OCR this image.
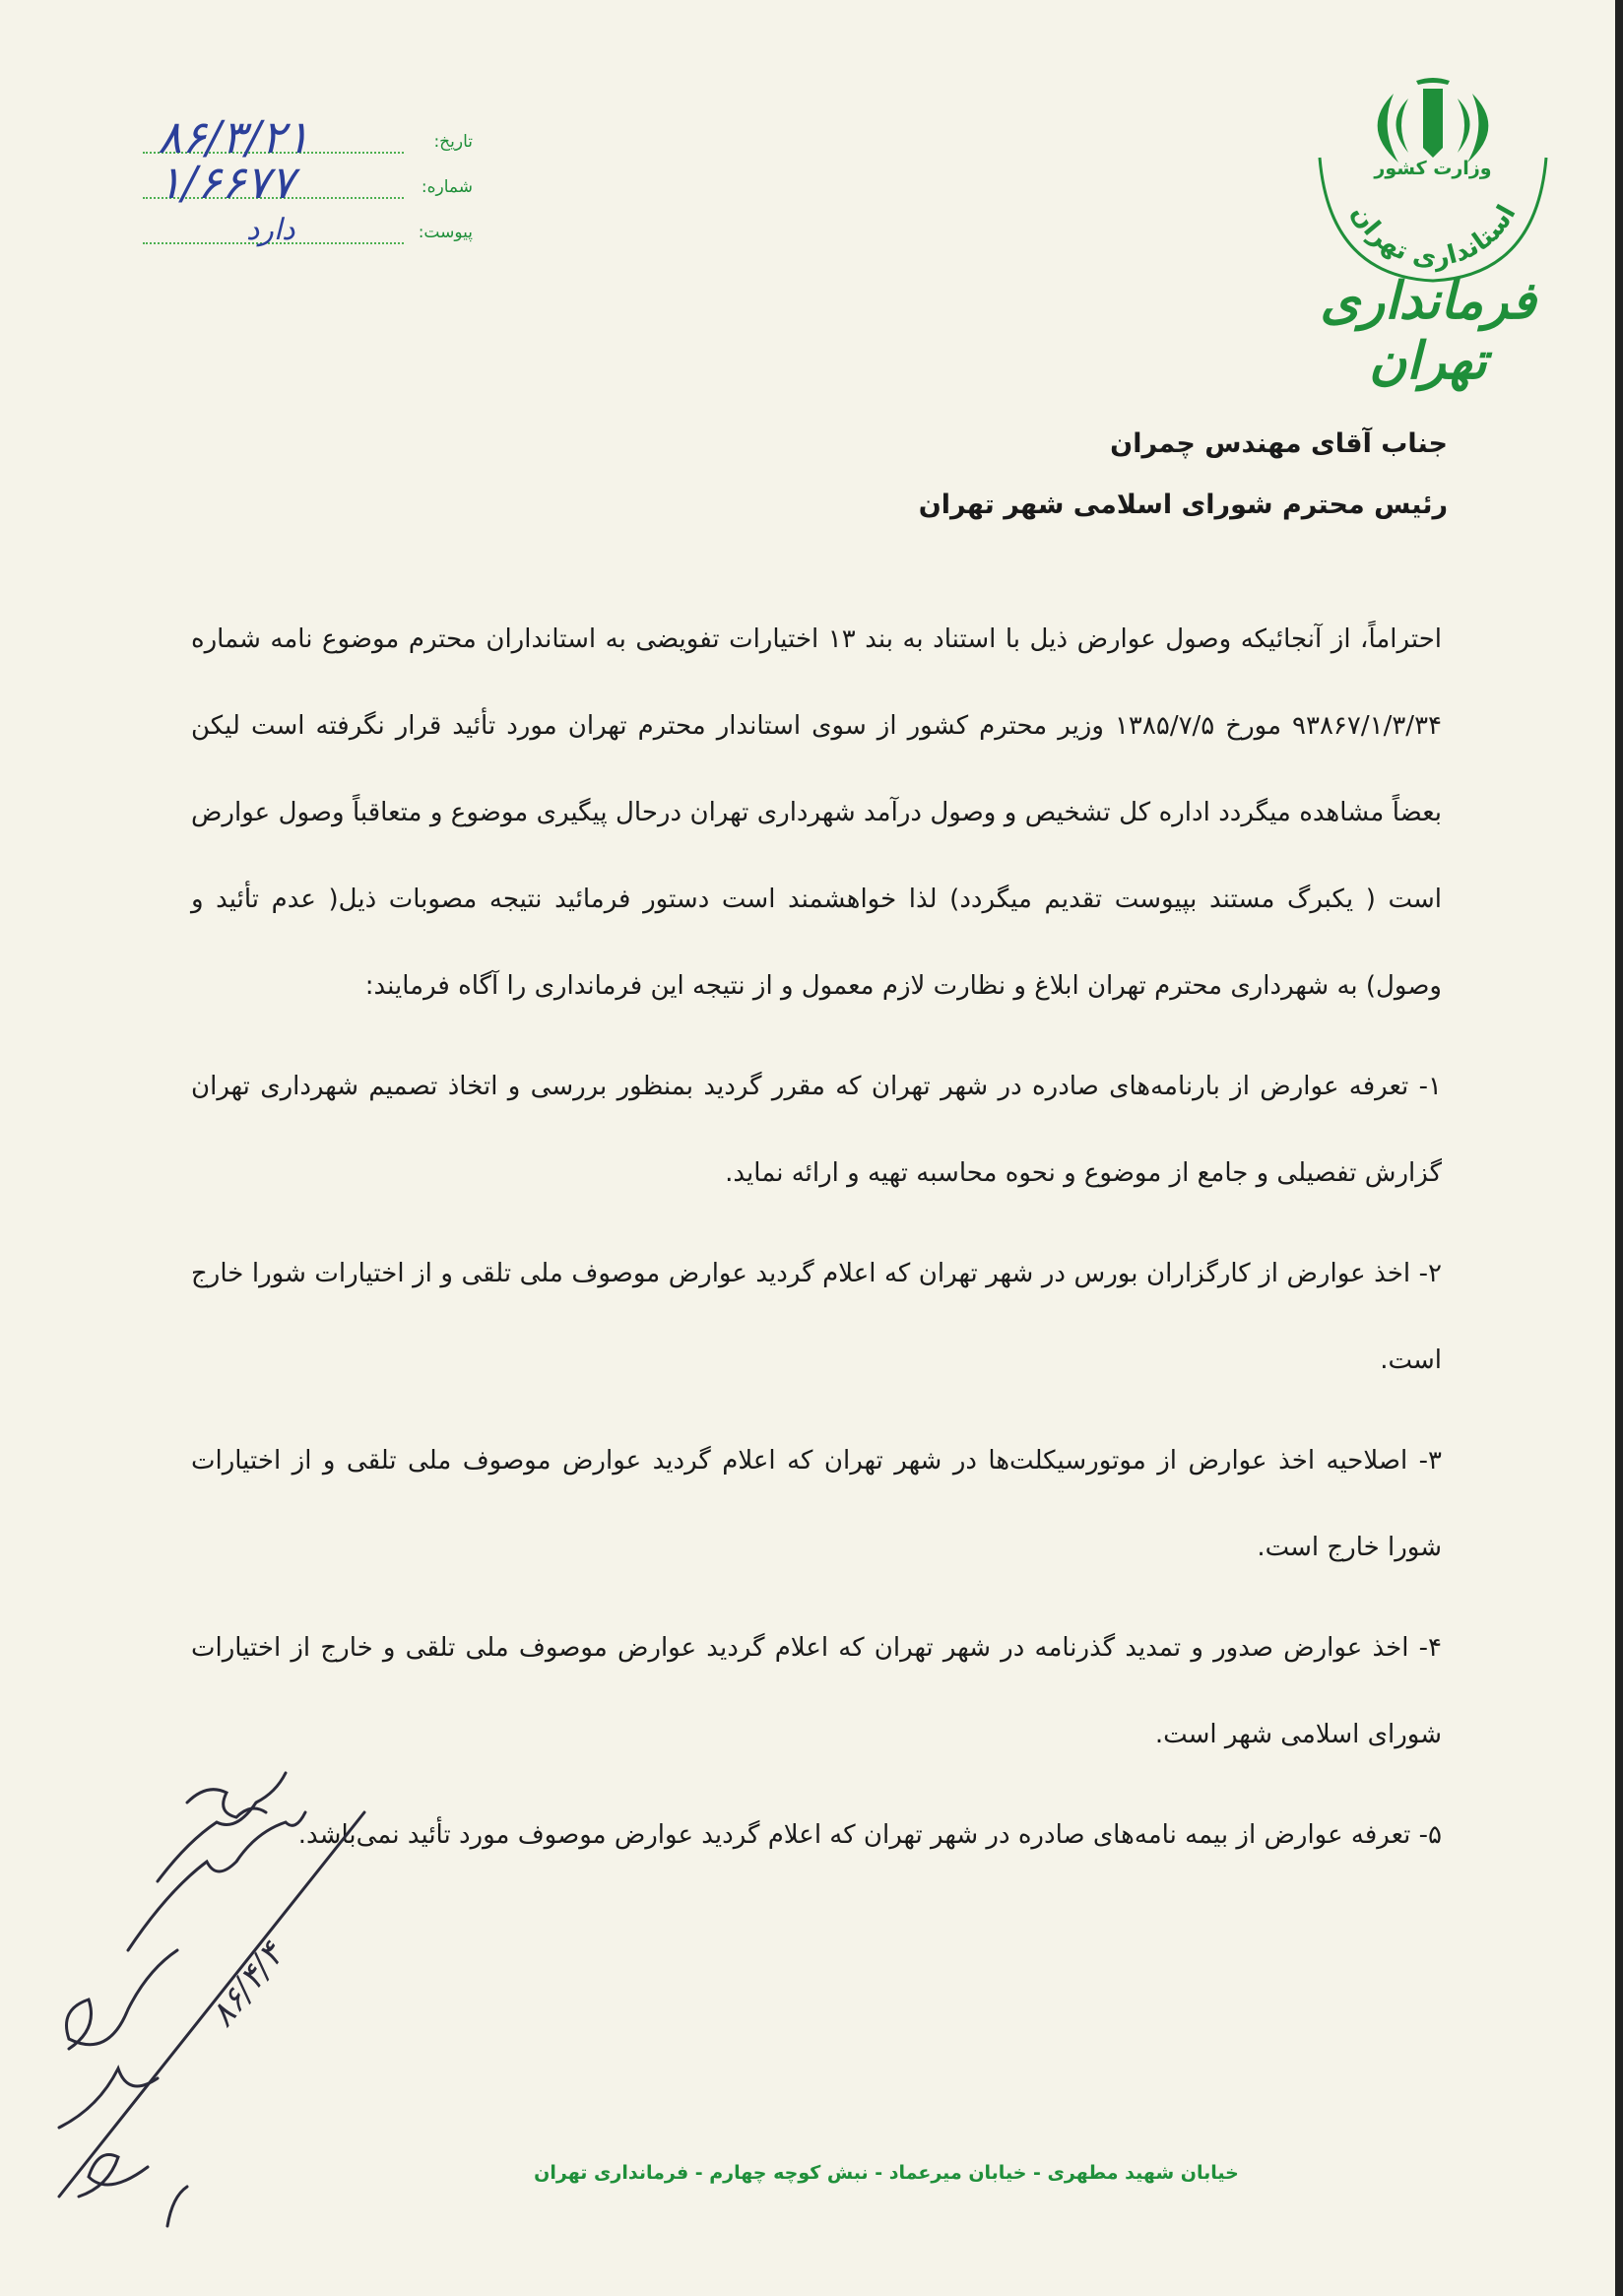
تاریخ:
۸۶/۳/۲۱
شماره:
۱/۶۶۷۷
پیوست:
دارد	استانداری تهران
وزارت کشور
فرمانداری تهران
جناب آقای مهندس چمران
رئیس محترم شورای اسلامی شهر تهران

احتراماً، از آنجائیکه وصول عوارض ذیل با استناد به بند ۱۳ اختیارات تفویضی به استانداران محترم موضوع نامه شماره ۹۳۸۶۷/۱/۳/۳۴ مورخ ۱۳۸۵/۷/۵ وزیر محترم کشور از سوی استاندار محترم تهران مورد تأئید قرار نگرفته است لیکن بعضاً مشاهده میگردد اداره کل تشخیص و وصول درآمد شهرداری تهران درحال پیگیری موضوع و متعاقباً وصول عوارض است ( یکبرگ مستند بپیوست تقدیم میگردد) لذا خواهشمند است دستور فرمائید نتیجه مصوبات ذیل( عدم تأئید و وصول) به شهرداری محترم تهران ابلاغ و نظارت لازم معمول و از نتیجه این فرمانداری را آگاه فرمایند:

۱- تعرفه عوارض از بارنامه‌های صادره در شهر تهران که مقرر گردید بمنظور بررسی و اتخاذ تصمیم شهرداری تهران گزارش تفصیلی و جامع از موضوع و نحوه محاسبه تهیه و ارائه نماید.

۲- اخذ عوارض از کارگزاران بورس در شهر تهران که اعلام گردید عوارض موصوف ملی تلقی و از اختیارات شورا خارج است.

۳- اصلاحیه اخذ عوارض از موتورسیکلت‌ها در شهر تهران که اعلام گردید عوارض موصوف ملی تلقی و از اختیارات شورا خارج است.

۴- اخذ عوارض صدور و تمدید گذرنامه در شهر تهران که اعلام گردید عوارض موصوف ملی تلقی و خارج از اختیارات شورای اسلامی شهر است.

۵- تعرفه عوارض از بیمه نامه‌های صادره در شهر تهران که اعلام گردید عوارض موصوف مورد تأئید نمی‌باشد.

۸۶/۴/۴
خیابان شهید مطهری - خیابان میرعماد - نبش کوچه چهارم - فرمانداری تهران
